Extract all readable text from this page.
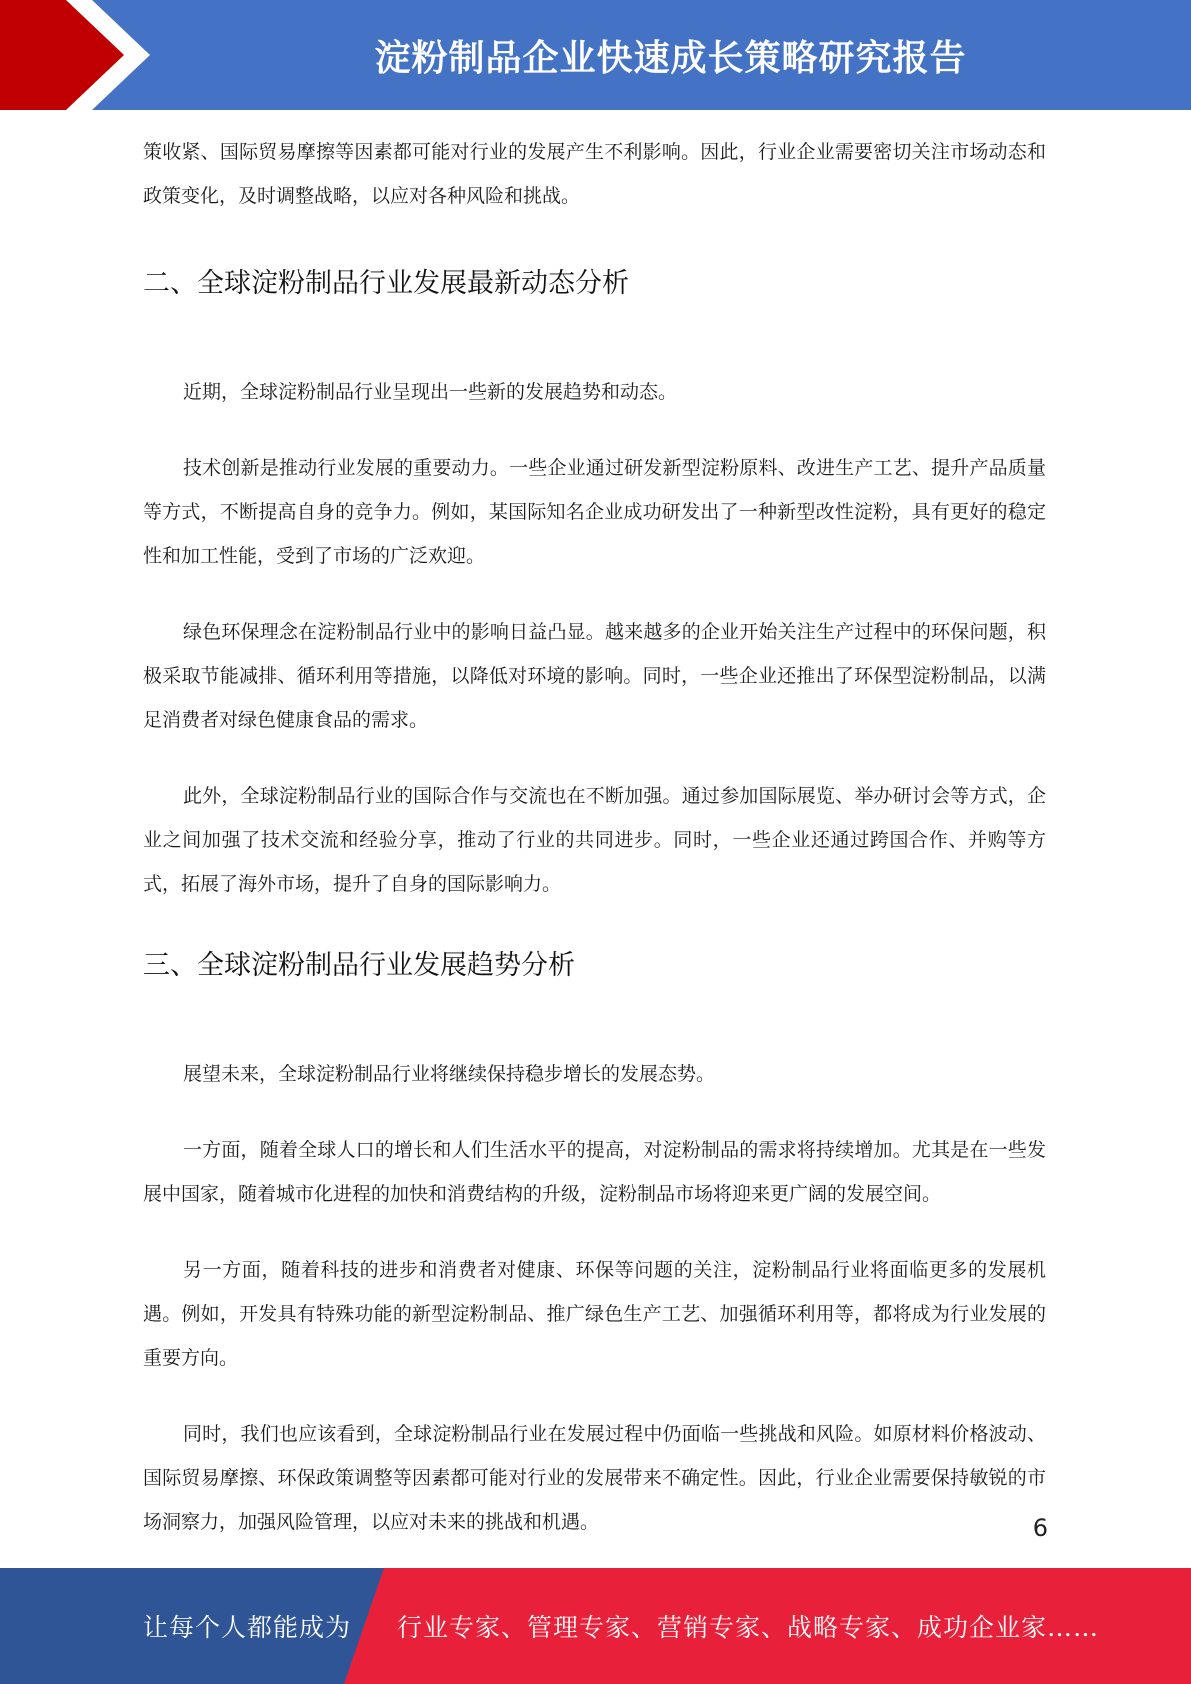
淀粉制品企业快速成长策略研究报告

策收紧、国际贸易摩擦等因素都可能对行业的发展产生不利影响。因此，行业企业需要密切关注市场动态和政策变化，及时调整战略，以应对各种风险和挑战。

二、全球淀粉制品行业发展最新动态分析

近期，全球淀粉制品行业呈现出一些新的发展趋势和动态。

技术创新是推动行业发展的重要动力。一些企业通过研发新型淀粉原料、改进生产工艺、提升产品质量等方式，不断提高自身的竞争力。例如，某国际知名企业成功研发出了一种新型改性淀粉，具有更好的稳定性和加工性能，受到了市场的广泛欢迎。

绿色环保理念在淀粉制品行业中的影响日益凸显。越来越多的企业开始关注生产过程中的环保问题，积极采取节能减排、循环利用等措施，以降低对环境的影响。同时，一些企业还推出了环保型淀粉制品，以满足消费者对绿色健康食品的需求。

此外，全球淀粉制品行业的国际合作与交流也在不断加强。通过参加国际展览、举办研讨会等方式，企业之间加强了技术交流和经验分享，推动了行业的共同进步。同时，一些企业还通过跨国合作、并购等方式，拓展了海外市场，提升了自身的国际影响力。

三、全球淀粉制品行业发展趋势分析

展望未来，全球淀粉制品行业将继续保持稳步增长的发展态势。

一方面，随着全球人口的增长和人们生活水平的提高，对淀粉制品的需求将持续增加。尤其是在一些发展中国家，随着城市化进程的加快和消费结构的升级，淀粉制品市场将迎来更广阔的发展空间。

另一方面，随着科技的进步和消费者对健康、环保等问题的关注，淀粉制品行业将面临更多的发展机遇。例如，开发具有特殊功能的新型淀粉制品、推广绿色生产工艺、加强循环利用等，都将成为行业发展的重要方向。

同时，我们也应该看到，全球淀粉制品行业在发展过程中仍面临一些挑战和风险。如原材料价格波动、国际贸易摩擦、环保政策调整等因素都可能对行业的发展带来不确定性。因此，行业企业需要保持敏锐的市场洞察力，加强风险管理，以应对未来的挑战和机遇。	6
让每个人都能成为 行业专家、管理专家、营销专家、战略专家、成功企业家……
